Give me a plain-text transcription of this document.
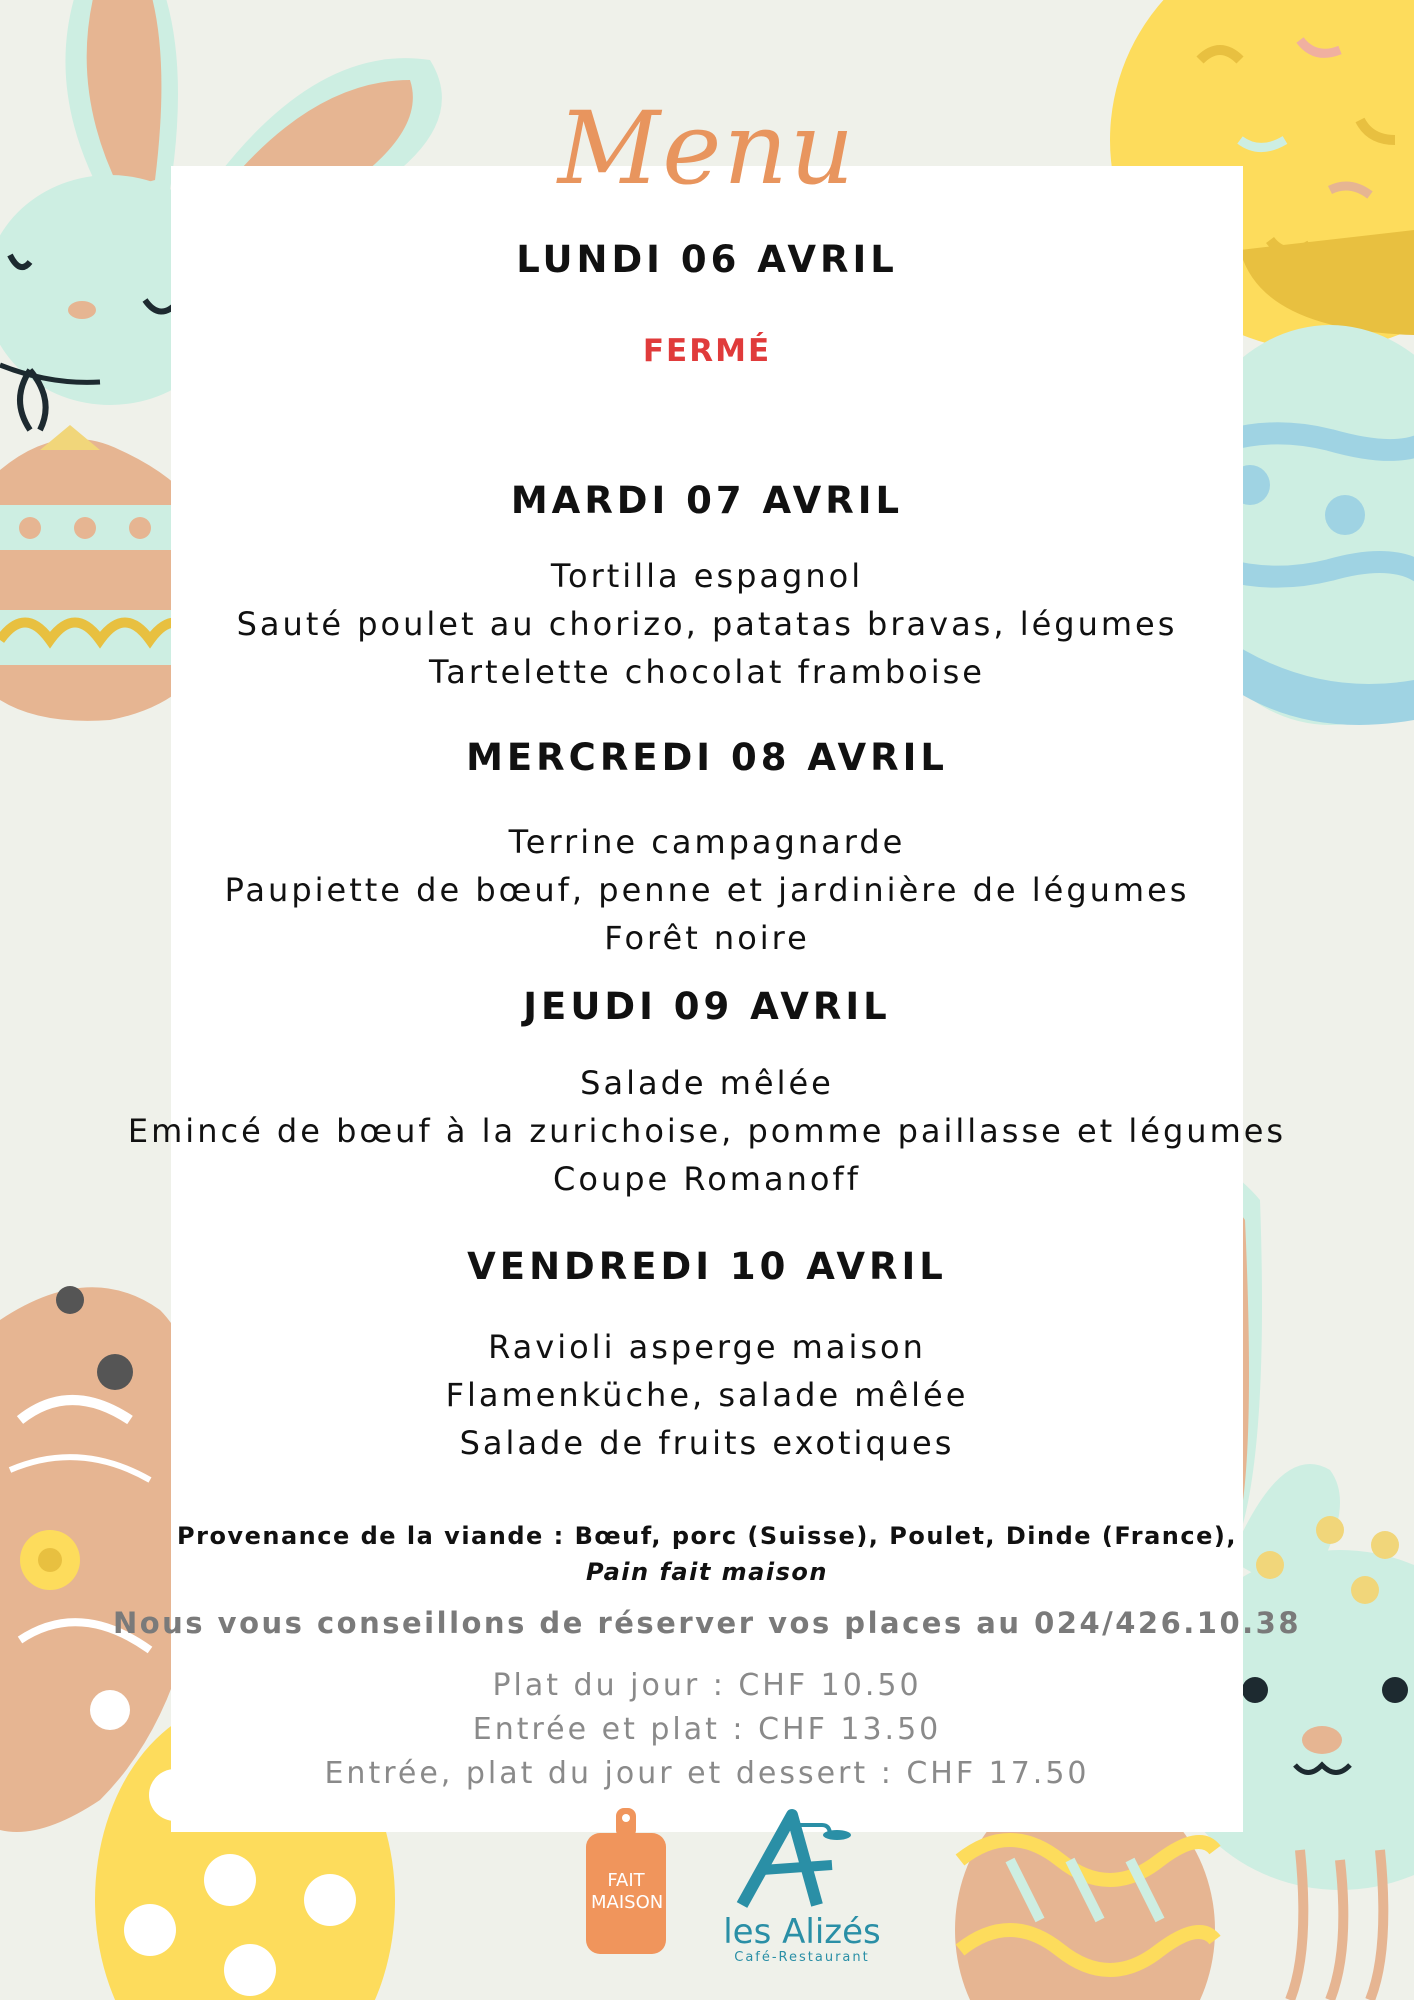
Menu
LUNDI 06 AVRIL
FERMÉ
MARDI 07 AVRIL
Tortilla espagnol
Sauté poulet au chorizo, patatas bravas, légumes
Tartelette chocolat framboise
MERCREDI 08 AVRIL
Terrine campagnarde
Paupiette de bœuf, penne et jardinière de légumes
Forêt noire
JEUDI 09 AVRIL
Salade mêlée
Emincé de bœuf à la zurichoise, pomme paillasse et légumes
Coupe Romanoff
VENDREDI 10 AVRIL
Ravioli asperge maison
Flamenküche, salade mêlée
Salade de fruits exotiques
Provenance de la viande : Bœuf, porc (Suisse), Poulet, Dinde (France),
Pain fait maison
Nous vous conseillons de réserver vos places au 024/426.10.38
Plat du jour : CHF 10.50
Entrée et plat : CHF 13.50
Entrée, plat du jour et dessert : CHF 17.50
FAIT MAISON
les Alizés
Café-Restaurant
